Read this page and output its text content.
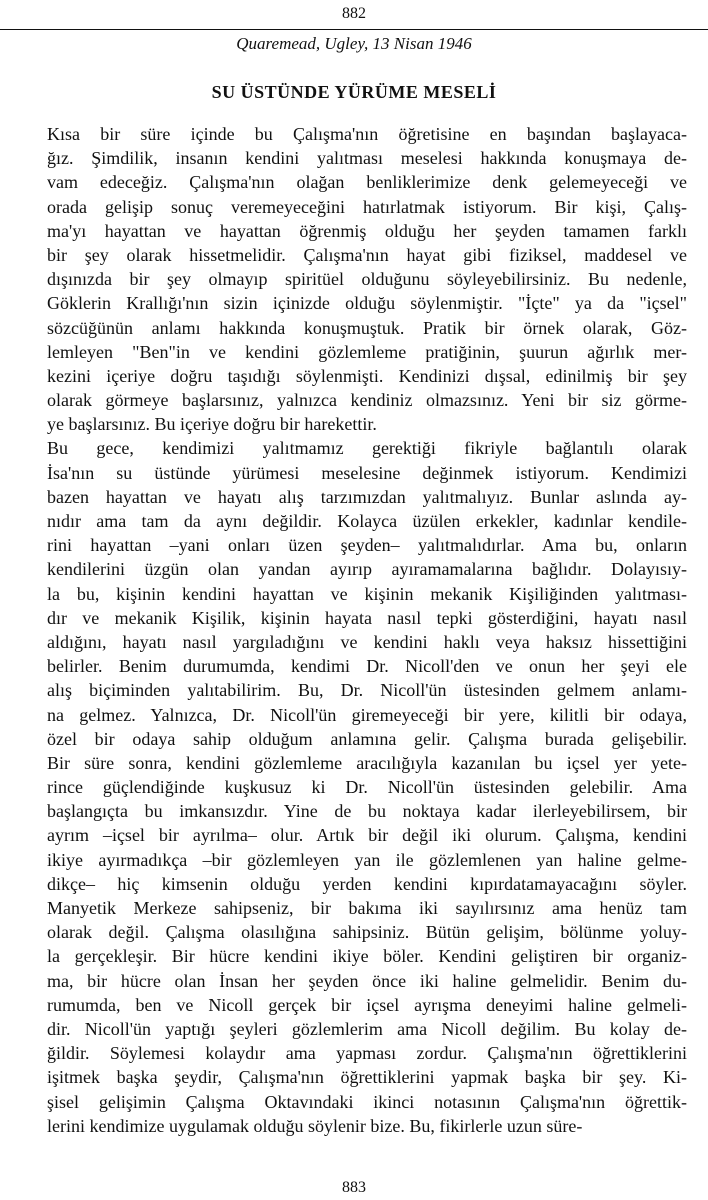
882
Quaremead, Ugley, 13 Nisan 1946
SU ÜSTÜNDE YÜRÜME MESELİ
Kısa bir süre içinde bu Çalışma'nın öğretisine en başından başlayaca-
ğız. Şimdilik, insanın kendini yalıtması meselesi hakkında konuşmaya de-
vam edeceğiz. Çalışma'nın olağan benliklerimize denk gelemeyeceği ve
orada gelişip sonuç veremeyeceğini hatırlatmak istiyorum. Bir kişi, Çalış-
ma'yı hayattan ve hayattan öğrenmiş olduğu her şeyden tamamen farklı
bir şey olarak hissetmelidir. Çalışma'nın hayat gibi fiziksel, maddesel ve
dışınızda bir şey olmayıp spiritüel olduğunu söyleyebilirsiniz. Bu nedenle,
Göklerin Krallığı'nın sizin içinizde olduğu söylenmiştir. "İçte" ya da "içsel"
sözcüğünün anlamı hakkında konuşmuştuk. Pratik bir örnek olarak, Göz-
lemleyen "Ben"in ve kendini gözlemleme pratiğinin, şuurun ağırlık mer-
kezini içeriye doğru taşıdığı söylenmişti. Kendinizi dışsal, edinilmiş bir şey
olarak görmeye başlarsınız, yalnızca kendiniz olmazsınız. Yeni bir siz görme-
ye başlarsınız. Bu içeriye doğru bir harekettir.
Bu gece, kendimizi yalıtmamız gerektiği fikriyle bağlantılı olarak
İsa'nın su üstünde yürümesi meselesine değinmek istiyorum. Kendimizi
bazen hayattan ve hayatı alış tarzımızdan yalıtmalıyız. Bunlar aslında ay-
nıdır ama tam da aynı değildir. Kolayca üzülen erkekler, kadınlar kendile-
rini hayattan –yani onları üzen şeyden– yalıtmalıdırlar. Ama bu, onların
kendilerini üzgün olan yandan ayırıp ayıramamalarına bağlıdır. Dolayısıy-
la bu, kişinin kendini hayattan ve kişinin mekanik Kişiliğinden yalıtması-
dır ve mekanik Kişilik, kişinin hayata nasıl tepki gösterdiğini, hayatı nasıl
aldığını, hayatı nasıl yargıladığını ve kendini haklı veya haksız hissettiğini
belirler. Benim durumumda, kendimi Dr. Nicoll'den ve onun her şeyi ele
alış biçiminden yalıtabilirim. Bu, Dr. Nicoll'ün üstesinden gelmem anlamı-
na gelmez. Yalnızca, Dr. Nicoll'ün giremeyeceği bir yere, kilitli bir odaya,
özel bir odaya sahip olduğum anlamına gelir. Çalışma burada gelişebilir.
Bir süre sonra, kendini gözlemleme aracılığıyla kazanılan bu içsel yer yete-
rince güçlendiğinde kuşkusuz ki Dr. Nicoll'ün üstesinden gelebilir. Ama
başlangıçta bu imkansızdır. Yine de bu noktaya kadar ilerleyebilirsem, bir
ayrım –içsel bir ayrılma– olur. Artık bir değil iki olurum. Çalışma, kendini
ikiye ayırmadıkça –bir gözlemleyen yan ile gözlemlenen yan haline gelme-
dikçe– hiç kimsenin olduğu yerden kendini kıpırdatamayacağını söyler.
Manyetik Merkeze sahipseniz, bir bakıma iki sayılırsınız ama henüz tam
olarak değil. Çalışma olasılığına sahipsiniz. Bütün gelişim, bölünme yoluy-
la gerçekleşir. Bir hücre kendini ikiye böler. Kendini geliştiren bir organiz-
ma, bir hücre olan İnsan her şeyden önce iki haline gelmelidir. Benim du-
rumumda, ben ve Nicoll gerçek bir içsel ayrışma deneyimi haline gelmeli-
dir. Nicoll'ün yaptığı şeyleri gözlemlerim ama Nicoll değilim. Bu kolay de-
ğildir. Söylemesi kolaydır ama yapması zordur. Çalışma'nın öğrettiklerini
işitmek başka şeydir, Çalışma'nın öğrettiklerini yapmak başka bir şey. Ki-
şisel gelişimin Çalışma Oktavındaki ikinci notasının Çalışma'nın öğrettik-
lerini kendimize uygulamak olduğu söylenir bize. Bu, fikirlerle uzun süre-
883
